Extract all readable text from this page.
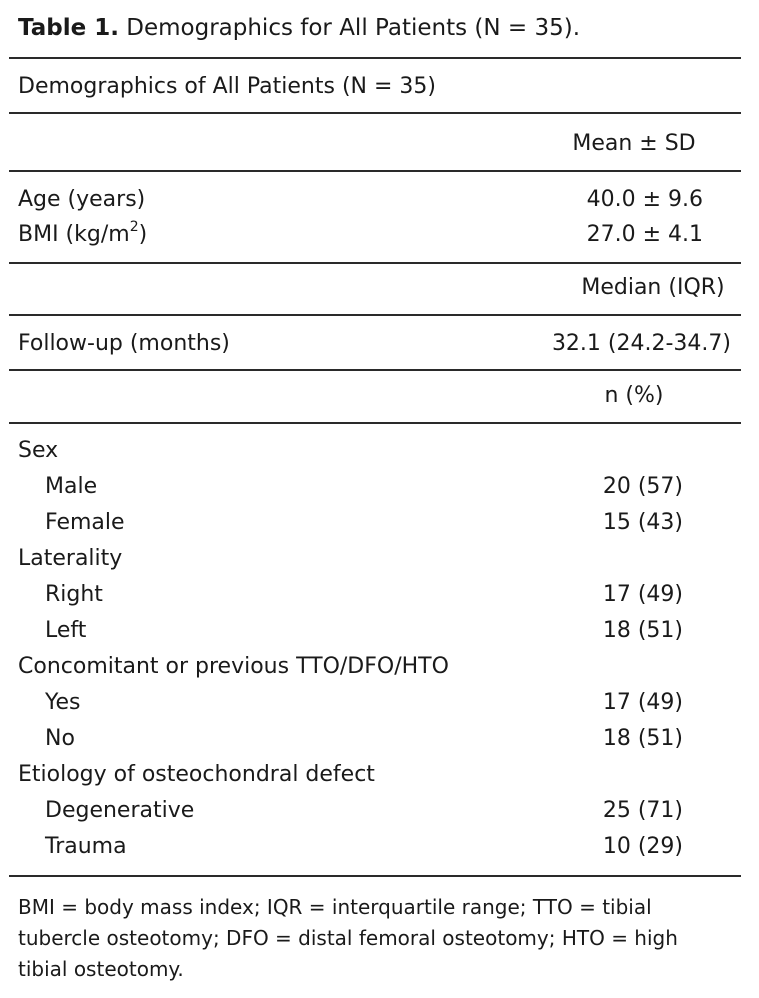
Table 1. Demographics for All Patients (N = 35).
Demographics of All Patients (N = 35)
Mean ± SD
Age (years)	40.0 ± 9.6
BMI $(kg/m^2)$	27.0 ± 4.1
Median (IQR)
Follow-up (months)	32.1 (24.2-34.7)
n (%)
Sex
Male	20 (57)
Female	15 (43)
Laterality
Right	17 (49)
Left	18 (51)
Concomitant or previous TTO/DFO/HTO
Yes	17 (49)
No	18 (51)
Etiology of osteochondral defect
Degenerative	25 (71)
Trauma	10 (29)
BMI = body mass index; IQR = interquartile range; TTO = tibial tubercle osteotomy; DFO = distal femoral osteotomy; HTO = high tibial osteotomy.
